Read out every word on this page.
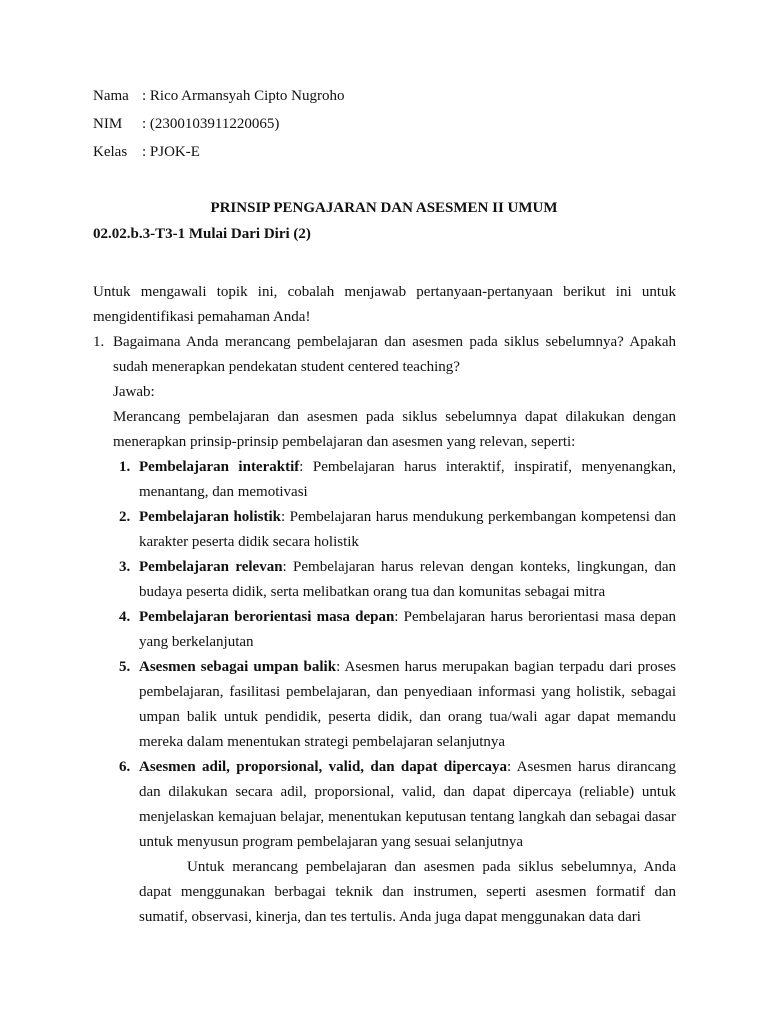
Nama : Rico Armansyah Cipto Nugroho
NIM	: (2300103911220065)
Kelas : PJOK-E
PRINSIP PENGAJARAN DAN ASESMEN II UMUM
02.02.b.3-T3-1 Mulai Dari Diri (2)
Untuk mengawali topik ini, cobalah menjawab pertanyaan-pertanyaan berikut ini untuk mengidentifikasi pemahaman Anda!
1. Bagaimana Anda merancang pembelajaran dan asesmen pada siklus sebelumnya? Apakah sudah menerapkan pendekatan student centered teaching?
Jawab:
Merancang pembelajaran dan asesmen pada siklus sebelumnya dapat dilakukan dengan menerapkan prinsip-prinsip pembelajaran dan asesmen yang relevan, seperti:
1. Pembelajaran interaktif: Pembelajaran harus interaktif, inspiratif, menyenangkan, menantang, dan memotivasi
2. Pembelajaran holistik: Pembelajaran harus mendukung perkembangan kompetensi dan karakter peserta didik secara holistik
3. Pembelajaran relevan: Pembelajaran harus relevan dengan konteks, lingkungan, dan budaya peserta didik, serta melibatkan orang tua dan komunitas sebagai mitra
4. Pembelajaran berorientasi masa depan: Pembelajaran harus berorientasi masa depan yang berkelanjutan
5. Asesmen sebagai umpan balik: Asesmen harus merupakan bagian terpadu dari proses pembelajaran, fasilitasi pembelajaran, dan penyediaan informasi yang holistik, sebagai umpan balik untuk pendidik, peserta didik, dan orang tua/wali agar dapat memandu mereka dalam menentukan strategi pembelajaran selanjutnya
6. Asesmen adil, proporsional, valid, dan dapat dipercaya: Asesmen harus dirancang dan dilakukan secara adil, proporsional, valid, dan dapat dipercaya (reliable) untuk menjelaskan kemajuan belajar, menentukan keputusan tentang langkah dan sebagai dasar untuk menyusun program pembelajaran yang sesuai selanjutnya
Untuk merancang pembelajaran dan asesmen pada siklus sebelumnya, Anda dapat menggunakan berbagai teknik dan instrumen, seperti asesmen formatif dan sumatif, observasi, kinerja, dan tes tertulis. Anda juga dapat menggunakan data dari
